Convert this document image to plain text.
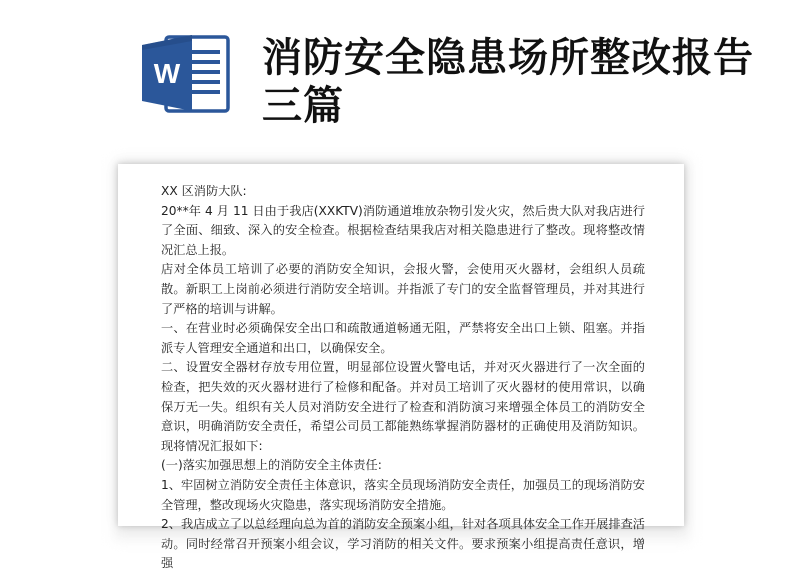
W 消防安全隐患场所整改报告三篇

XX 区消防大队:

20**年 4 月 11 日由于我店(XXKTV)消防通道堆放杂物引发火灾，然后贵大队对我店进行了全面、细致、深入的安全检查。根据检查结果我店对相关隐患进行了整改。现将整改情况汇总上报。

店对全体员工培训了必要的消防安全知识，会报火警，会使用灭火器材，会组织人员疏散。新职工上岗前必须进行消防安全培训。并指派了专门的安全监督管理员，并对其进行了严格的培训与讲解。

一、在营业时必须确保安全出口和疏散通道畅通无阻，严禁将安全出口上锁、阻塞。并指派专人管理安全通道和出口，以确保安全。

二、设置安全器材存放专用位置，明显部位设置火警电话，并对灭火器进行了一次全面的检查，把失效的灭火器材进行了检修和配备。并对员工培训了灭火器材的使用常识，以确保万无一失。组织有关人员对消防安全进行了检查和消防演习来增强全体员工的消防安全意识，明确消防安全责任，希望公司员工都能熟练掌握消防器材的正确使用及消防知识。现将情况汇报如下:

(一)落实加强思想上的消防安全主体责任:

1、牢固树立消防安全责任主体意识，落实全员现场消防安全责任，加强员工的现场消防安全管理，整改现场火灾隐患，落实现场消防安全措施。

2、我店成立了以总经理向总为首的消防安全预案小组，针对各项具体安全工作开展排查活动。同时经常召开预案小组会议，学习消防的相关文件。要求预案小组提高责任意识，增强
